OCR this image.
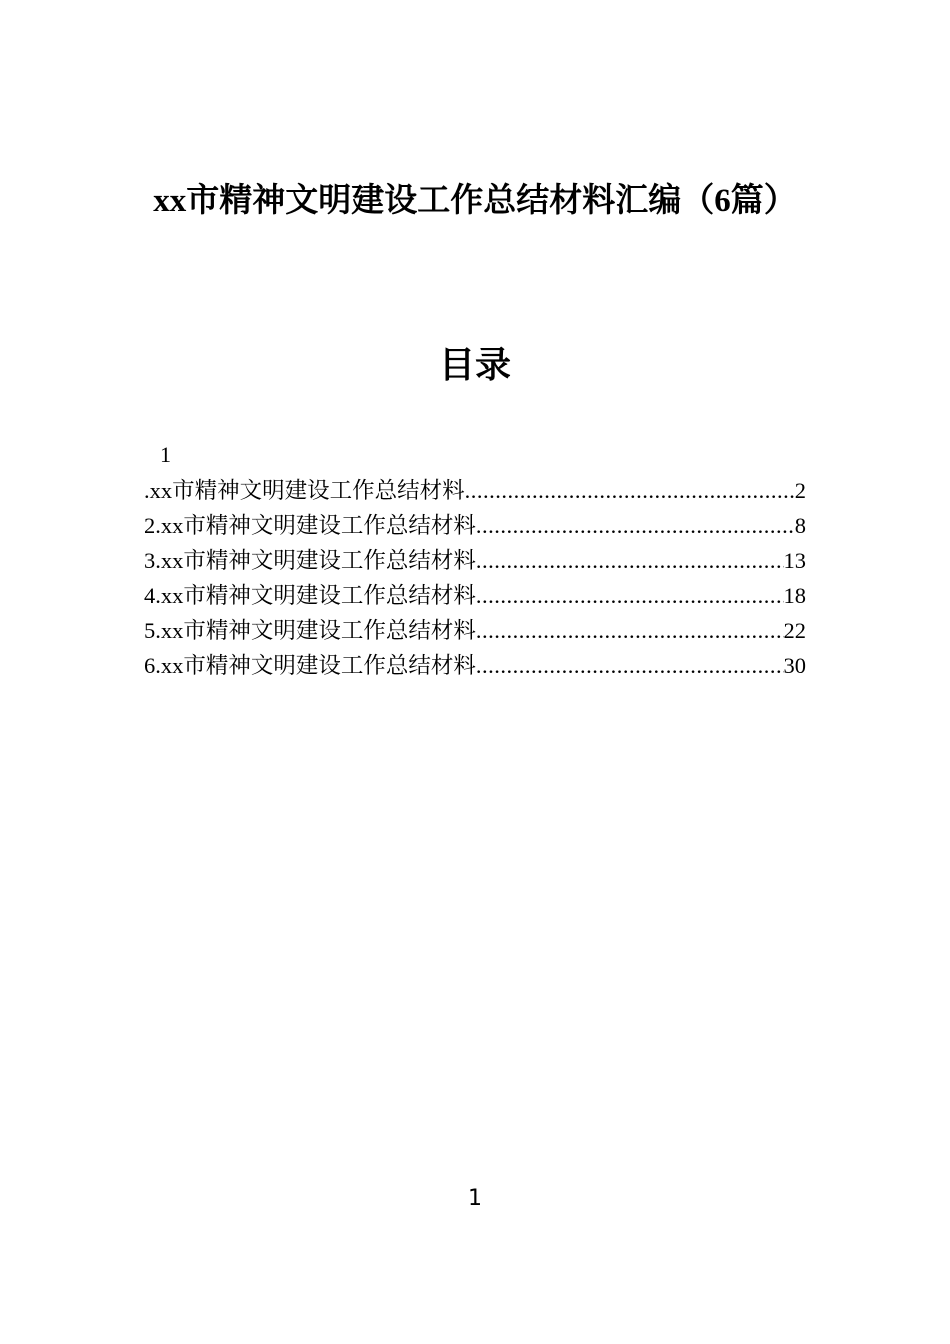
xx市精神文明建设工作总结材料汇编（6篇）
目录
1
.xx市精神文明建设工作总结材料 .....	2
2.xx市精神文明建设工作总结材料 .....	8
3.xx市精神文明建设工作总结材料 .....	13
4.xx市精神文明建设工作总结材料 .....	18
5.xx市精神文明建设工作总结材料 .....	22
6.xx市精神文明建设工作总结材料 .....	30
1
